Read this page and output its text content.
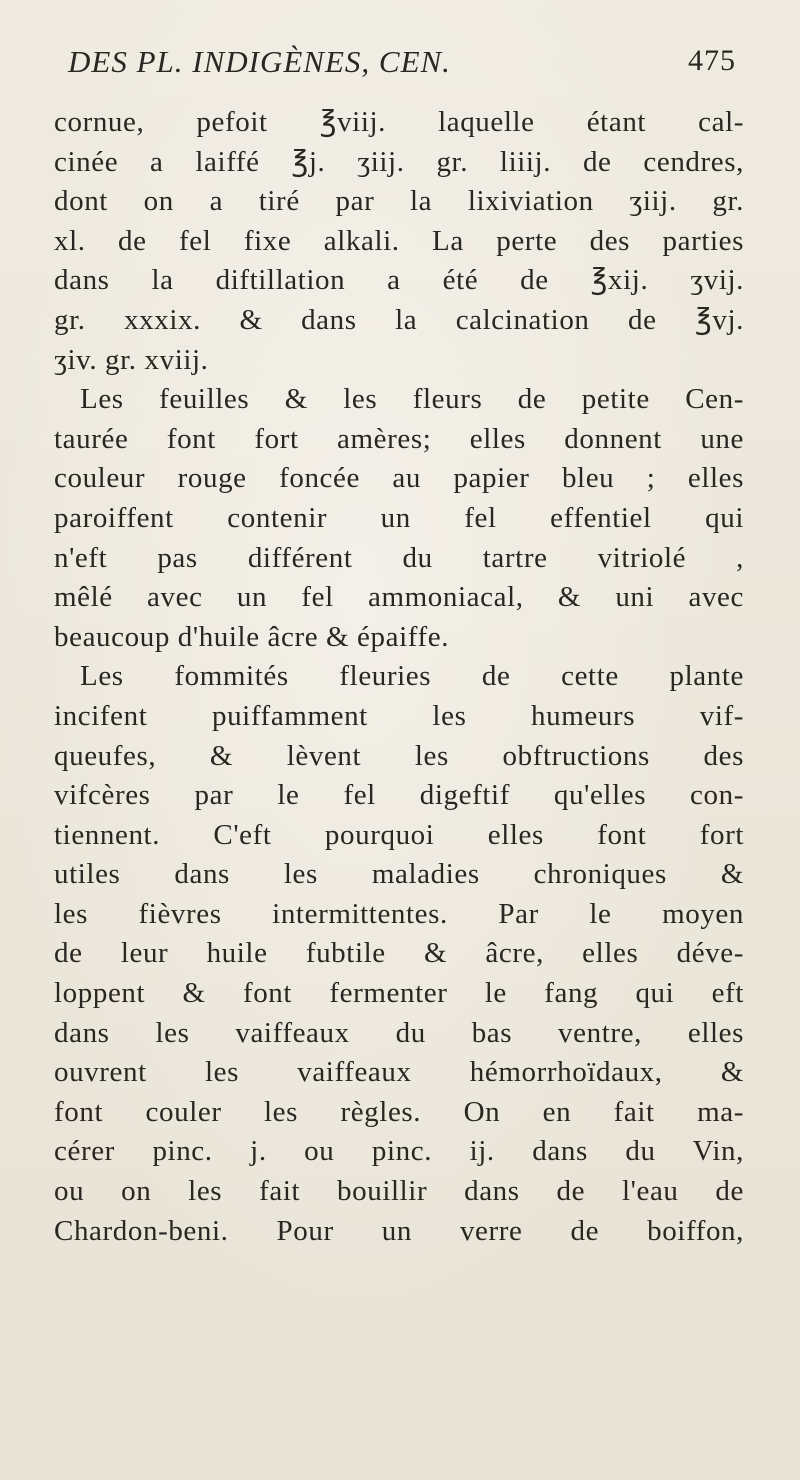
DES PL. INDIGÈNES, CEN.	475
cornue, pefoit ℥viij. laquelle étant cal-
cinée a laiffé ℥j. ʒiij. gr. liiij. de cendres,
dont on a tiré par la lixiviation ʒiij. gr.
xl. de fel fixe alkali. La perte des parties
dans la diftillation a été de ℥xij. ʒvij.
gr. xxxix. & dans la calcination de ℥vj.
ʒiv. gr. xviij.
Les feuilles & les fleurs de petite Cen-
taurée font fort amères; elles donnent une
couleur rouge foncée au papier bleu ; elles
paroiffent contenir un fel effentiel qui
n'eft pas différent du tartre vitriolé ,
mêlé avec un fel ammoniacal, & uni avec
beaucoup d'huile âcre & épaiffe.
Les fommités fleuries de cette plante
incifent puiffamment les humeurs vif-
queufes, & lèvent les obftructions des
vifcères par le fel digeftif qu'elles con-
tiennent. C'eft pourquoi elles font fort
utiles dans les maladies chroniques &
les fièvres intermittentes. Par le moyen
de leur huile fubtile & âcre, elles déve-
loppent & font fermenter le fang qui eft
dans les vaiffeaux du bas ventre, elles
ouvrent les vaiffeaux hémorrhoïdaux, &
font couler les règles. On en fait ma-
cérer pinc. j. ou pinc. ij. dans du Vin,
ou on les fait bouillir dans de l'eau de
Chardon-beni. Pour un verre de boiffon,
